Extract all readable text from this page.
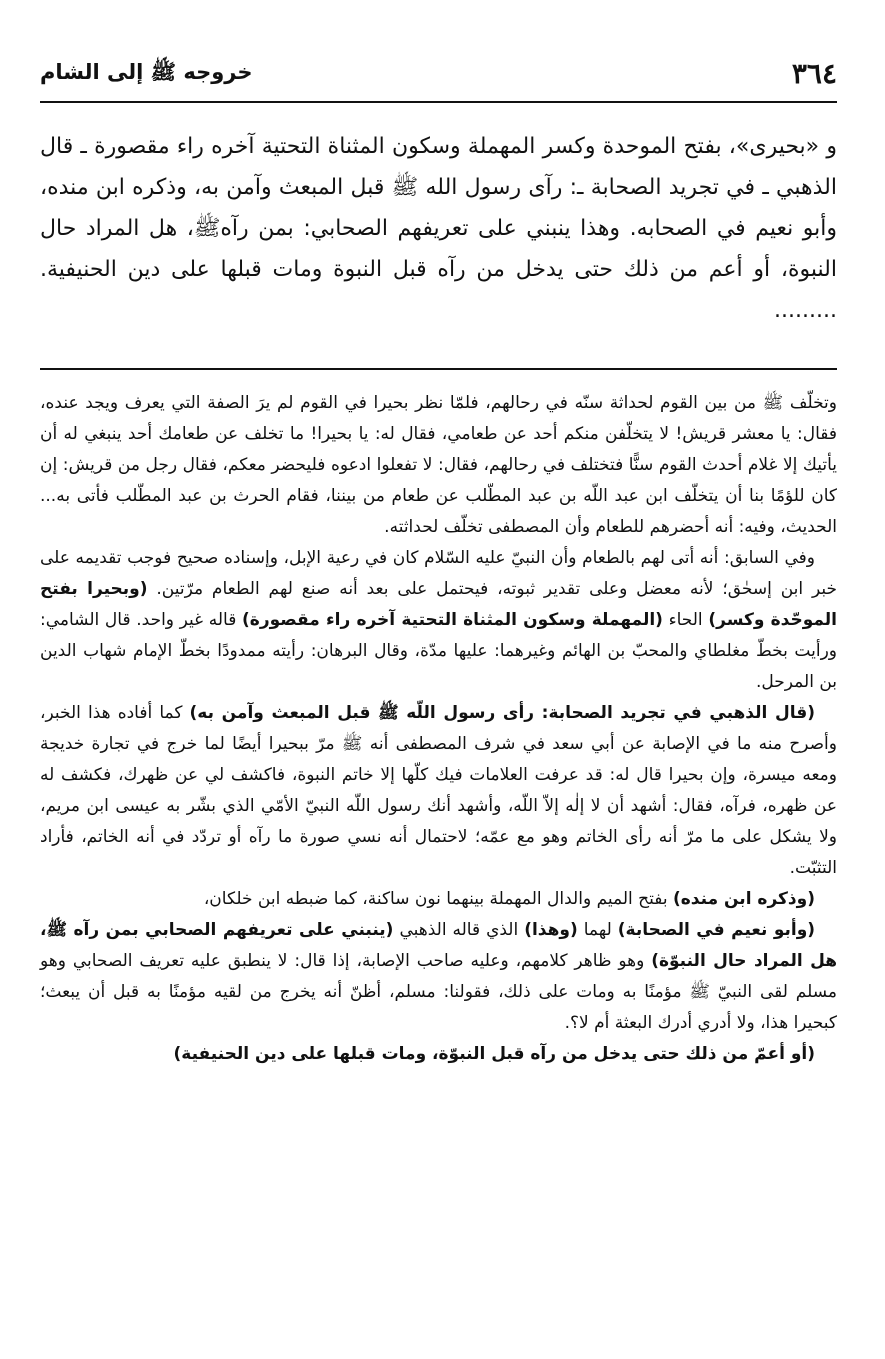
٣٦٤
خروجه ﷺ إلى الشام

و «بحيرى»، بفتح الموحدة وكسر المهملة وسكون المثناة التحتية آخره راء مقصورة ـ قال الذهبي ـ في تجريد الصحابة ـ: رآى رسول الله ﷺ قبل المبعث وآمن به، وذكره ابن منده، وأبو نعيم في الصحابه. وهذا ينبني على تعريفهم الصحابي: بمن رآهﷺ، هل المراد حال النبوة، أو أعم من ذلك حتى يدخل من رآه قبل النبوة ومات قبلها على دين الحنيفية. .........

وتخلّف ﷺ من بين القوم لحداثة سنّه في رحالهم، فلمّا نظر بحيرا في القوم لم يرَ الصفة التي يعرف ويجد عنده، فقال: يا معشر قريش! لا يتخلّفن منكم أحد عن طعامي، فقال له: يا بحيرا! ما تخلف عن طعامك أحد ينبغي له أن يأتيك إلا غلام أحدث القوم سنًّا فتختلف في رحالهم، فقال: لا تفعلوا ادعوه فليحضر معكم، فقال رجل من قريش: إن كان للؤمًا بنا أن يتخلّف ابن عبد اللّه بن عبد المطّلب عن طعام من بيننا، فقام الحرث بن عبد المطّلب فأتى به... الحديث، وفيه: أنه أحضرهم للطعام وأن المصطفى تخلّف لحداثته.

وفي السابق: أنه أتى لهم بالطعام وأن النبيّ عليه السّلام كان في رعية الإبل، وإسناده صحيح فوجب تقديمه على خبر ابن إسحٰق؛ لأنه معضل وعلى تقدير ثبوته، فيحتمل على بعد أنه صنع لهم الطعام مرّتين. (وبحيرا بفتح الموحّدة وكسر) الحاء (المهملة وسكون المثناة التحتية آخره راء مقصورة) قاله غير واحد. قال الشامي: ورأيت بخطّ مغلطاي والمحبّ بن الهائم وغيرهما: عليها مدّة، وقال البرهان: رأيته ممدودًا بخطّ الإمام شهاب الدين بن المرحل.

(قال الذهبي في تجريد الصحابة: رأى رسول اللّه ﷺ قبل المبعث وآمن به) كما أفاده هذا الخبر، وأصرح منه ما في الإصابة عن أبي سعد في شرف المصطفى أنه ﷺ مرّ ببحيرا أيضًا لما خرج في تجارة خديجة ومعه ميسرة، وإن بحيرا قال له: قد عرفت العلامات فيك كلّها إلا خاتم النبوة، فاكشف لي عن ظهرك، فكشف له عن ظهره، فرآه، فقال: أشهد أن لا إلٰه إلاّ اللّه، وأشهد أنك رسول اللّه النبيّ الأمّي الذي بشّر به عيسى ابن مريم، ولا يشكل على ما مرّ أنه رأى الخاتم وهو مع عمّه؛ لاحتمال أنه نسي صورة ما رآه أو تردّد في أنه الخاتم، فأراد التثبّت.

(وذكره ابن منده) بفتح الميم والدال المهملة بينهما نون ساكنة، كما ضبطه ابن خلكان،

(وأبو نعيم في الصحابة) لهما (وهذا) الذي قاله الذهبي (ينبني على تعريفهم الصحابي بمن رآه ﷺ، هل المراد حال النبوّة) وهو ظاهر كلامهم، وعليه صاحب الإصابة، إذا قال: لا ينطبق عليه تعريف الصحابي وهو مسلم لقى النبيّ ﷺ مؤمنًا به ومات على ذلك، فقولنا: مسلم، أظنّ أنه يخرج من لقيه مؤمنًا به قبل أن يبعث؛ كبحيرا هذا، ولا أدري أدرك البعثة أم لا؟.

(أو أعمّ من ذلك حتى يدخل من رآه قبل النبوّة، ومات قبلها على دين الحنيفية)
